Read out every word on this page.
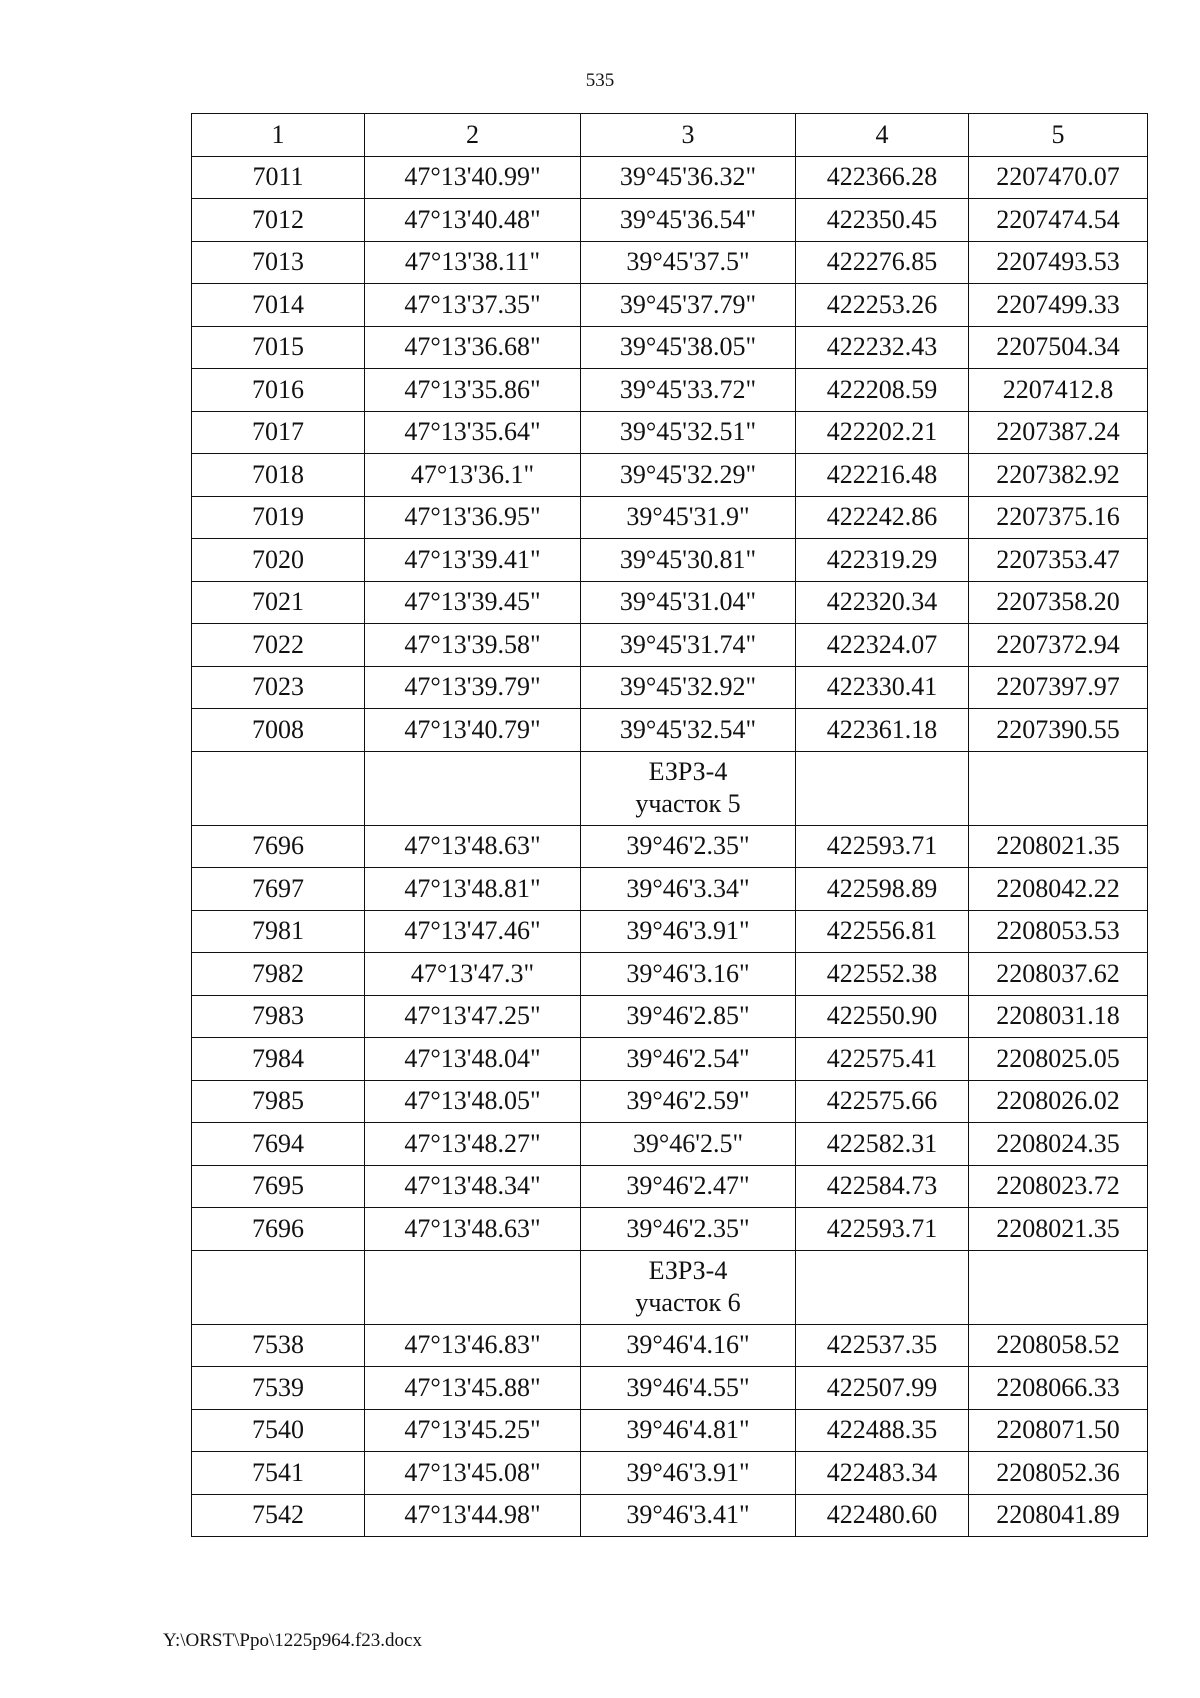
535
1	2	3	4	5
7011	47°13'40.99"	39°45'36.32"	422366.28	2207470.07
7012	47°13'40.48"	39°45'36.54"	422350.45	2207474.54
7013	47°13'38.11"	39°45'37.5"	422276.85	2207493.53
7014	47°13'37.35"	39°45'37.79"	422253.26	2207499.33
7015	47°13'36.68"	39°45'38.05"	422232.43	2207504.34
7016	47°13'35.86"	39°45'33.72"	422208.59	2207412.8
7017	47°13'35.64"	39°45'32.51"	422202.21	2207387.24
7018	47°13'36.1"	39°45'32.29"	422216.48	2207382.92
7019	47°13'36.95"	39°45'31.9"	422242.86	2207375.16
7020	47°13'39.41"	39°45'30.81"	422319.29	2207353.47
7021	47°13'39.45"	39°45'31.04"	422320.34	2207358.20
7022	47°13'39.58"	39°45'31.74"	422324.07	2207372.94
7023	47°13'39.79"	39°45'32.92"	422330.41	2207397.97
7008	47°13'40.79"	39°45'32.54"	422361.18	2207390.55

		ЕЗРЗ-4
участок 5		

7696	47°13'48.63"	39°46'2.35"	422593.71	2208021.35
7697	47°13'48.81"	39°46'3.34"	422598.89	2208042.22
7981	47°13'47.46"	39°46'3.91"	422556.81	2208053.53
7982	47°13'47.3"	39°46'3.16"	422552.38	2208037.62
7983	47°13'47.25"	39°46'2.85"	422550.90	2208031.18
7984	47°13'48.04"	39°46'2.54"	422575.41	2208025.05
7985	47°13'48.05"	39°46'2.59"	422575.66	2208026.02
7694	47°13'48.27"	39°46'2.5"	422582.31	2208024.35
7695	47°13'48.34"	39°46'2.47"	422584.73	2208023.72
7696	47°13'48.63"	39°46'2.35"	422593.71	2208021.35

		ЕЗРЗ-4
участок 6		

7538	47°13'46.83"	39°46'4.16"	422537.35	2208058.52
7539	47°13'45.88"	39°46'4.55"	422507.99	2208066.33
7540	47°13'45.25"	39°46'4.81"	422488.35	2208071.50
7541	47°13'45.08"	39°46'3.91"	422483.34	2208052.36
7542	47°13'44.98"	39°46'3.41"	422480.60	2208041.89
Y:\ORST\Ppo\1225p964.f23.docx
